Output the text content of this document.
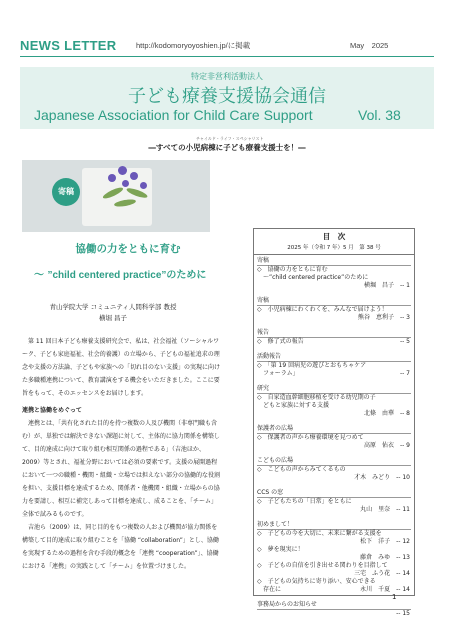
NEWS LETTER	http://kodomoryoyoshien.jp/に掲載	May　2025
特定非営利活動法人
子ども療養支援協会通信
Japanese Association for Child Care Support	Vol. 38
チャイルド・ライフ・スペシャリスト
―すべての小児病棟に子ども療養支援士を！―
寄稿
協働の力をともに育む
～ ”child centered practice”のために
青山学院大学 コミュニティ人間科学部 教授
横堀 昌子

第 11 回日本子ども療養支援研究会で、私は、社会福祉（ソーシャルワーク、子ども家庭福祉、社会的養護）の立場から、子どもの福祉追求の理念や支援の方法論、子どもや家族への「切れ目のない支援」の実現に向けた多職種連携について、教育講演をする機会をいただきました。ここに要旨をもって、そのエッセンスをお届けします。

連携と協働をめぐって

連携とは、「共有化された目的を持つ複数の人及び機関（非専門職も含む）が、単独では解決できない課題に対して、主体的に協力関係を構築して、目的達成に向けて取り組む相互関係の過程である」（吉池ほか、2009）等とされ、福祉分野においては必須の要素です。支援の展開過程において一つの職種・機関・組織・立場では担えない部分の協働的な役割を担い、支援目標を達成するため、関係者・他機関・組織・立場からの協力を要請し、相互に補完しあって目標を達成し、成ることを、「チーム」全体で試みるものです。

吉池ら（2009）は、同じ目的をもつ複数の人および機関が協力関係を構築して目的達成に取り組むことを「協働 “collaboration”」とし、協働を実現するための過程を含む手段的概念を「連携 “cooperation”」、協働における「連携」の実践として「チーム」を位置づけました。

目　次
2025 年（令和 7 年）5 月　第 38 号
寄稿
◇　協働の力をともに育む
　～”child centered practice”のために
横堀　昌子　-- 1
寄稿
◇　小児病棟にわくわくを、みんなで届けよう！
熊谷　恵利子　-- 3
報告
◇　修了式の報告	-- 5
活動報告
◇　「第 19 回病児の遊びとおもちゃケア
　フォーラム」	-- 7
研究
◇　自家造血幹細胞移植を受ける幼児期の子
　どもと家族に対する支援
北條　由華　-- 8
保護者の広場
◇　保護者の声から療養環境を見つめて
高原　佑衣　-- 9
こどもの広場
◇　こどもの声からみてくるもの
才木　みどり　-- 10
CCS の窓
◇　子どもたちの「日常」をともに
丸山　里奈　-- 11
初めまして！
◇　子どもの今を大切に、未来に繋がる支援を
松下　洋子　-- 12
◇　夢を現実に！
藤倉　みゆ　-- 13
◇　子どもの自信を引き出せる関わりを目指して
三宅　ふう花　-- 14
◇　子どもの気持ちに寄り添い、安心できる
　存在に	永川　千夏　-- 14
事務局からのお知らせ
-- 15
1
